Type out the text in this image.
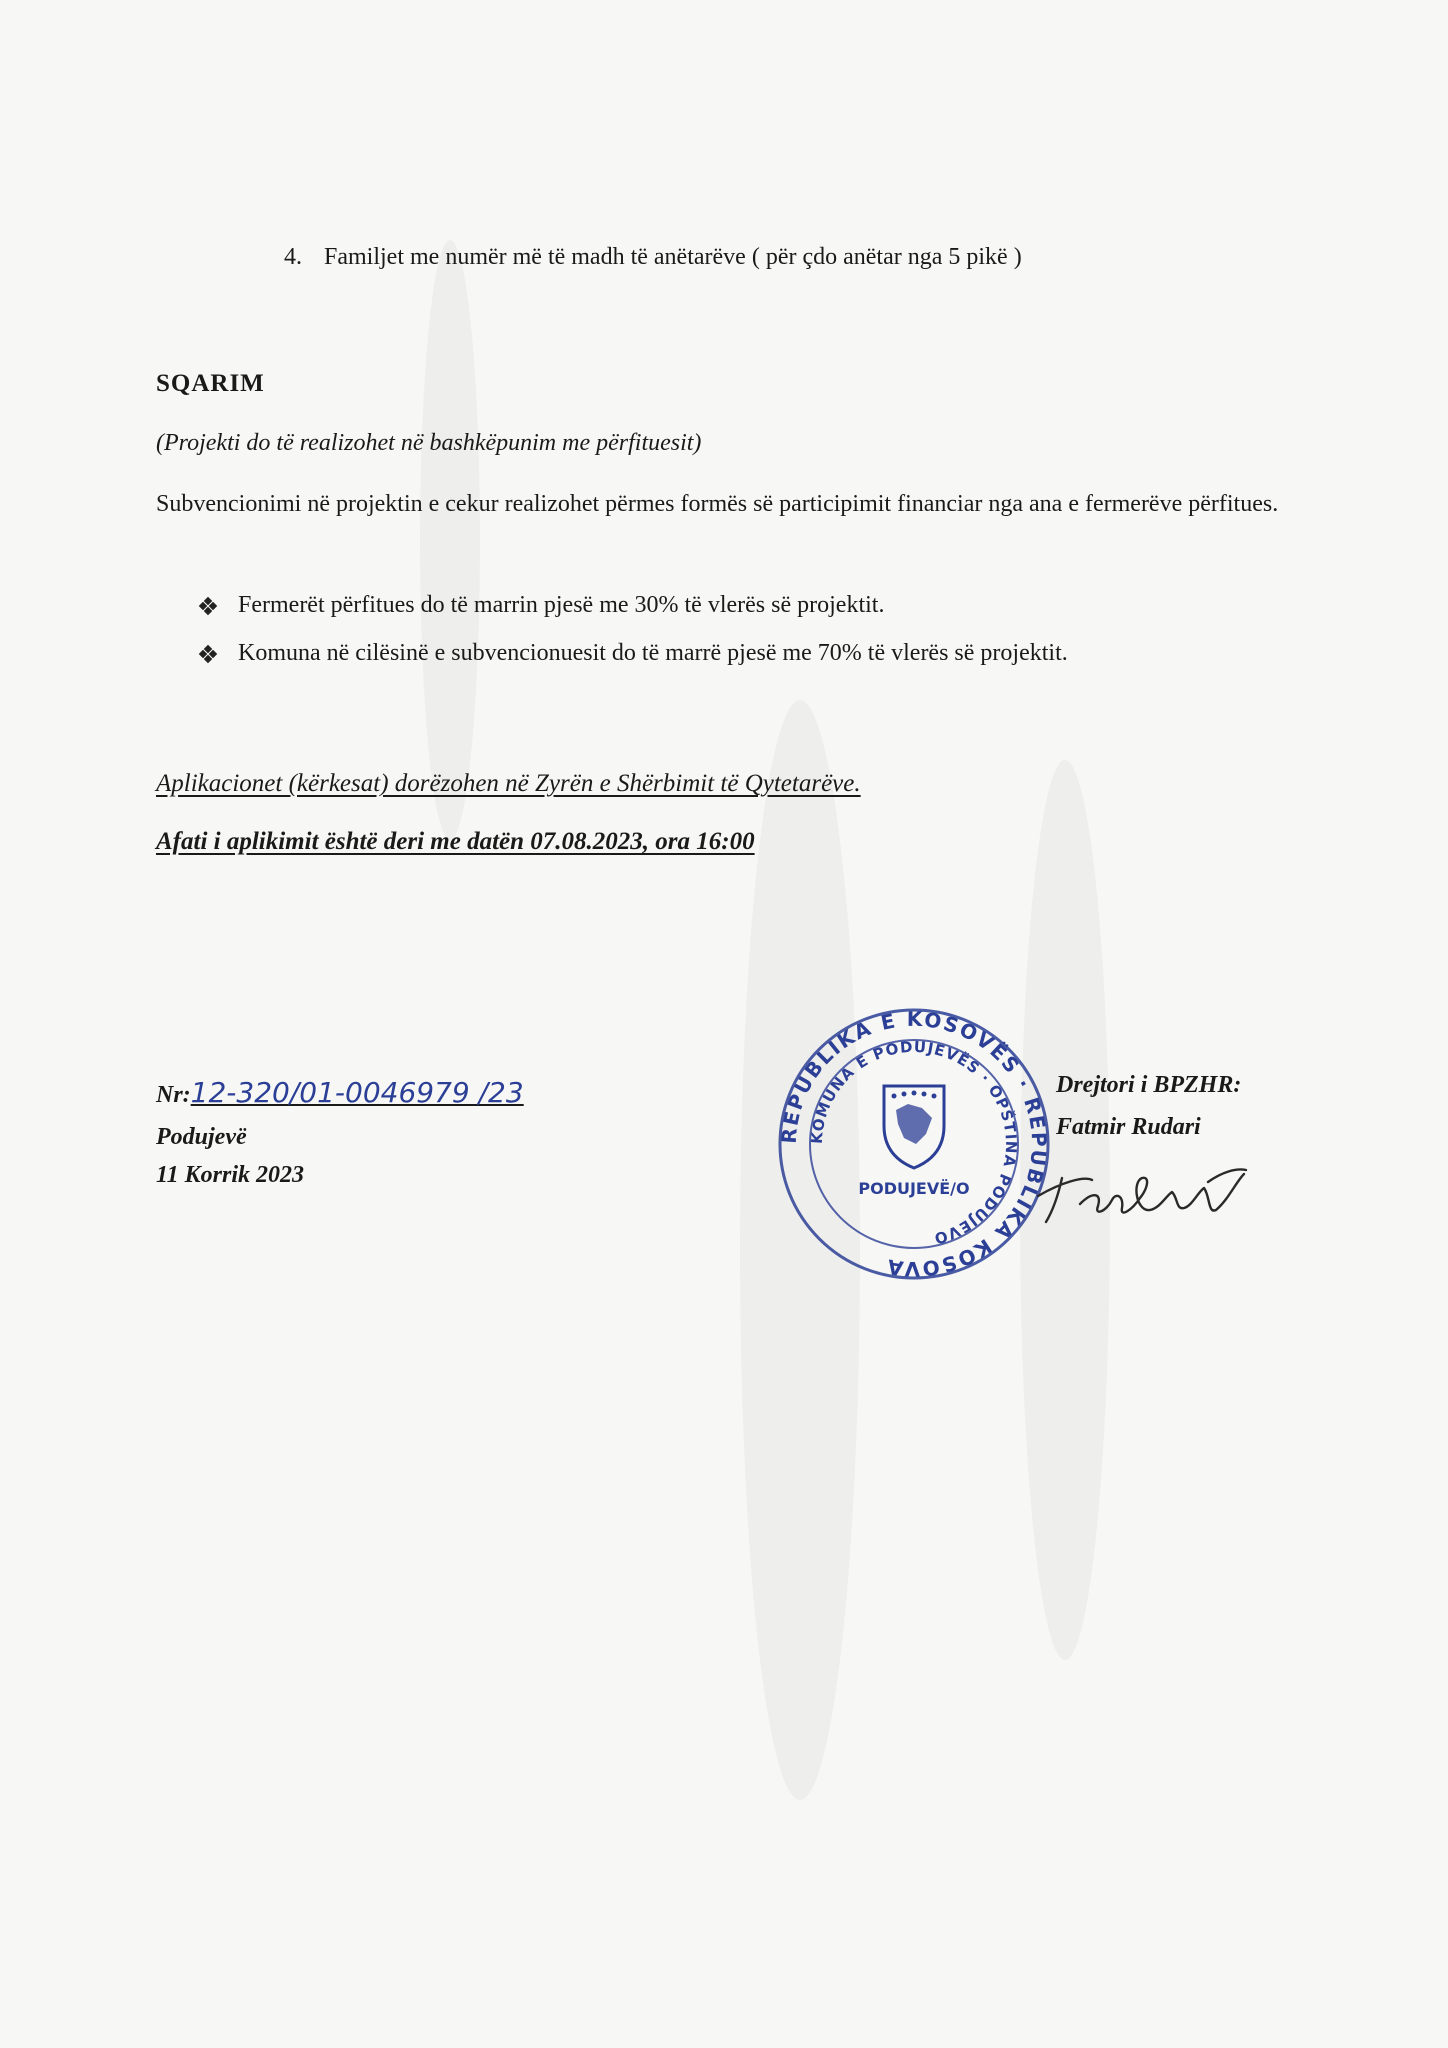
4. Familjet me numër më të madh të anëtarëve ( për çdo anëtar nga 5 pikë )
SQARIM
(Projekti do të realizohet në bashkëpunim me përfituesit)
Subvencionimi në projektin e cekur realizohet përmes formës së participimit financiar nga ana e fermerëve përfitues.
Fermerët përfitues do të marrin pjesë me 30% të vlerës së projektit.
Komuna në cilësinë e subvencionuesit do të marrë pjesë me 70% të vlerës së projektit.
Aplikacionet (kërkesat) dorëzohen në Zyrën e Shërbimit të Qytetarëve.
Afati i aplikimit është deri me datën 07.08.2023, ora 16:00
Nr:12-320/01-0046979 /23
Podujevë
11 Korrik 2023
Drejtori i BPZHR:
Fatmir Rudari
REPUBLIKA E KOSOVËS · REPUBLIKA KOSOVA
KOMUNA E PODUJEVËS · OPŠTINA PODUJEVO
PODUJEVË/O
